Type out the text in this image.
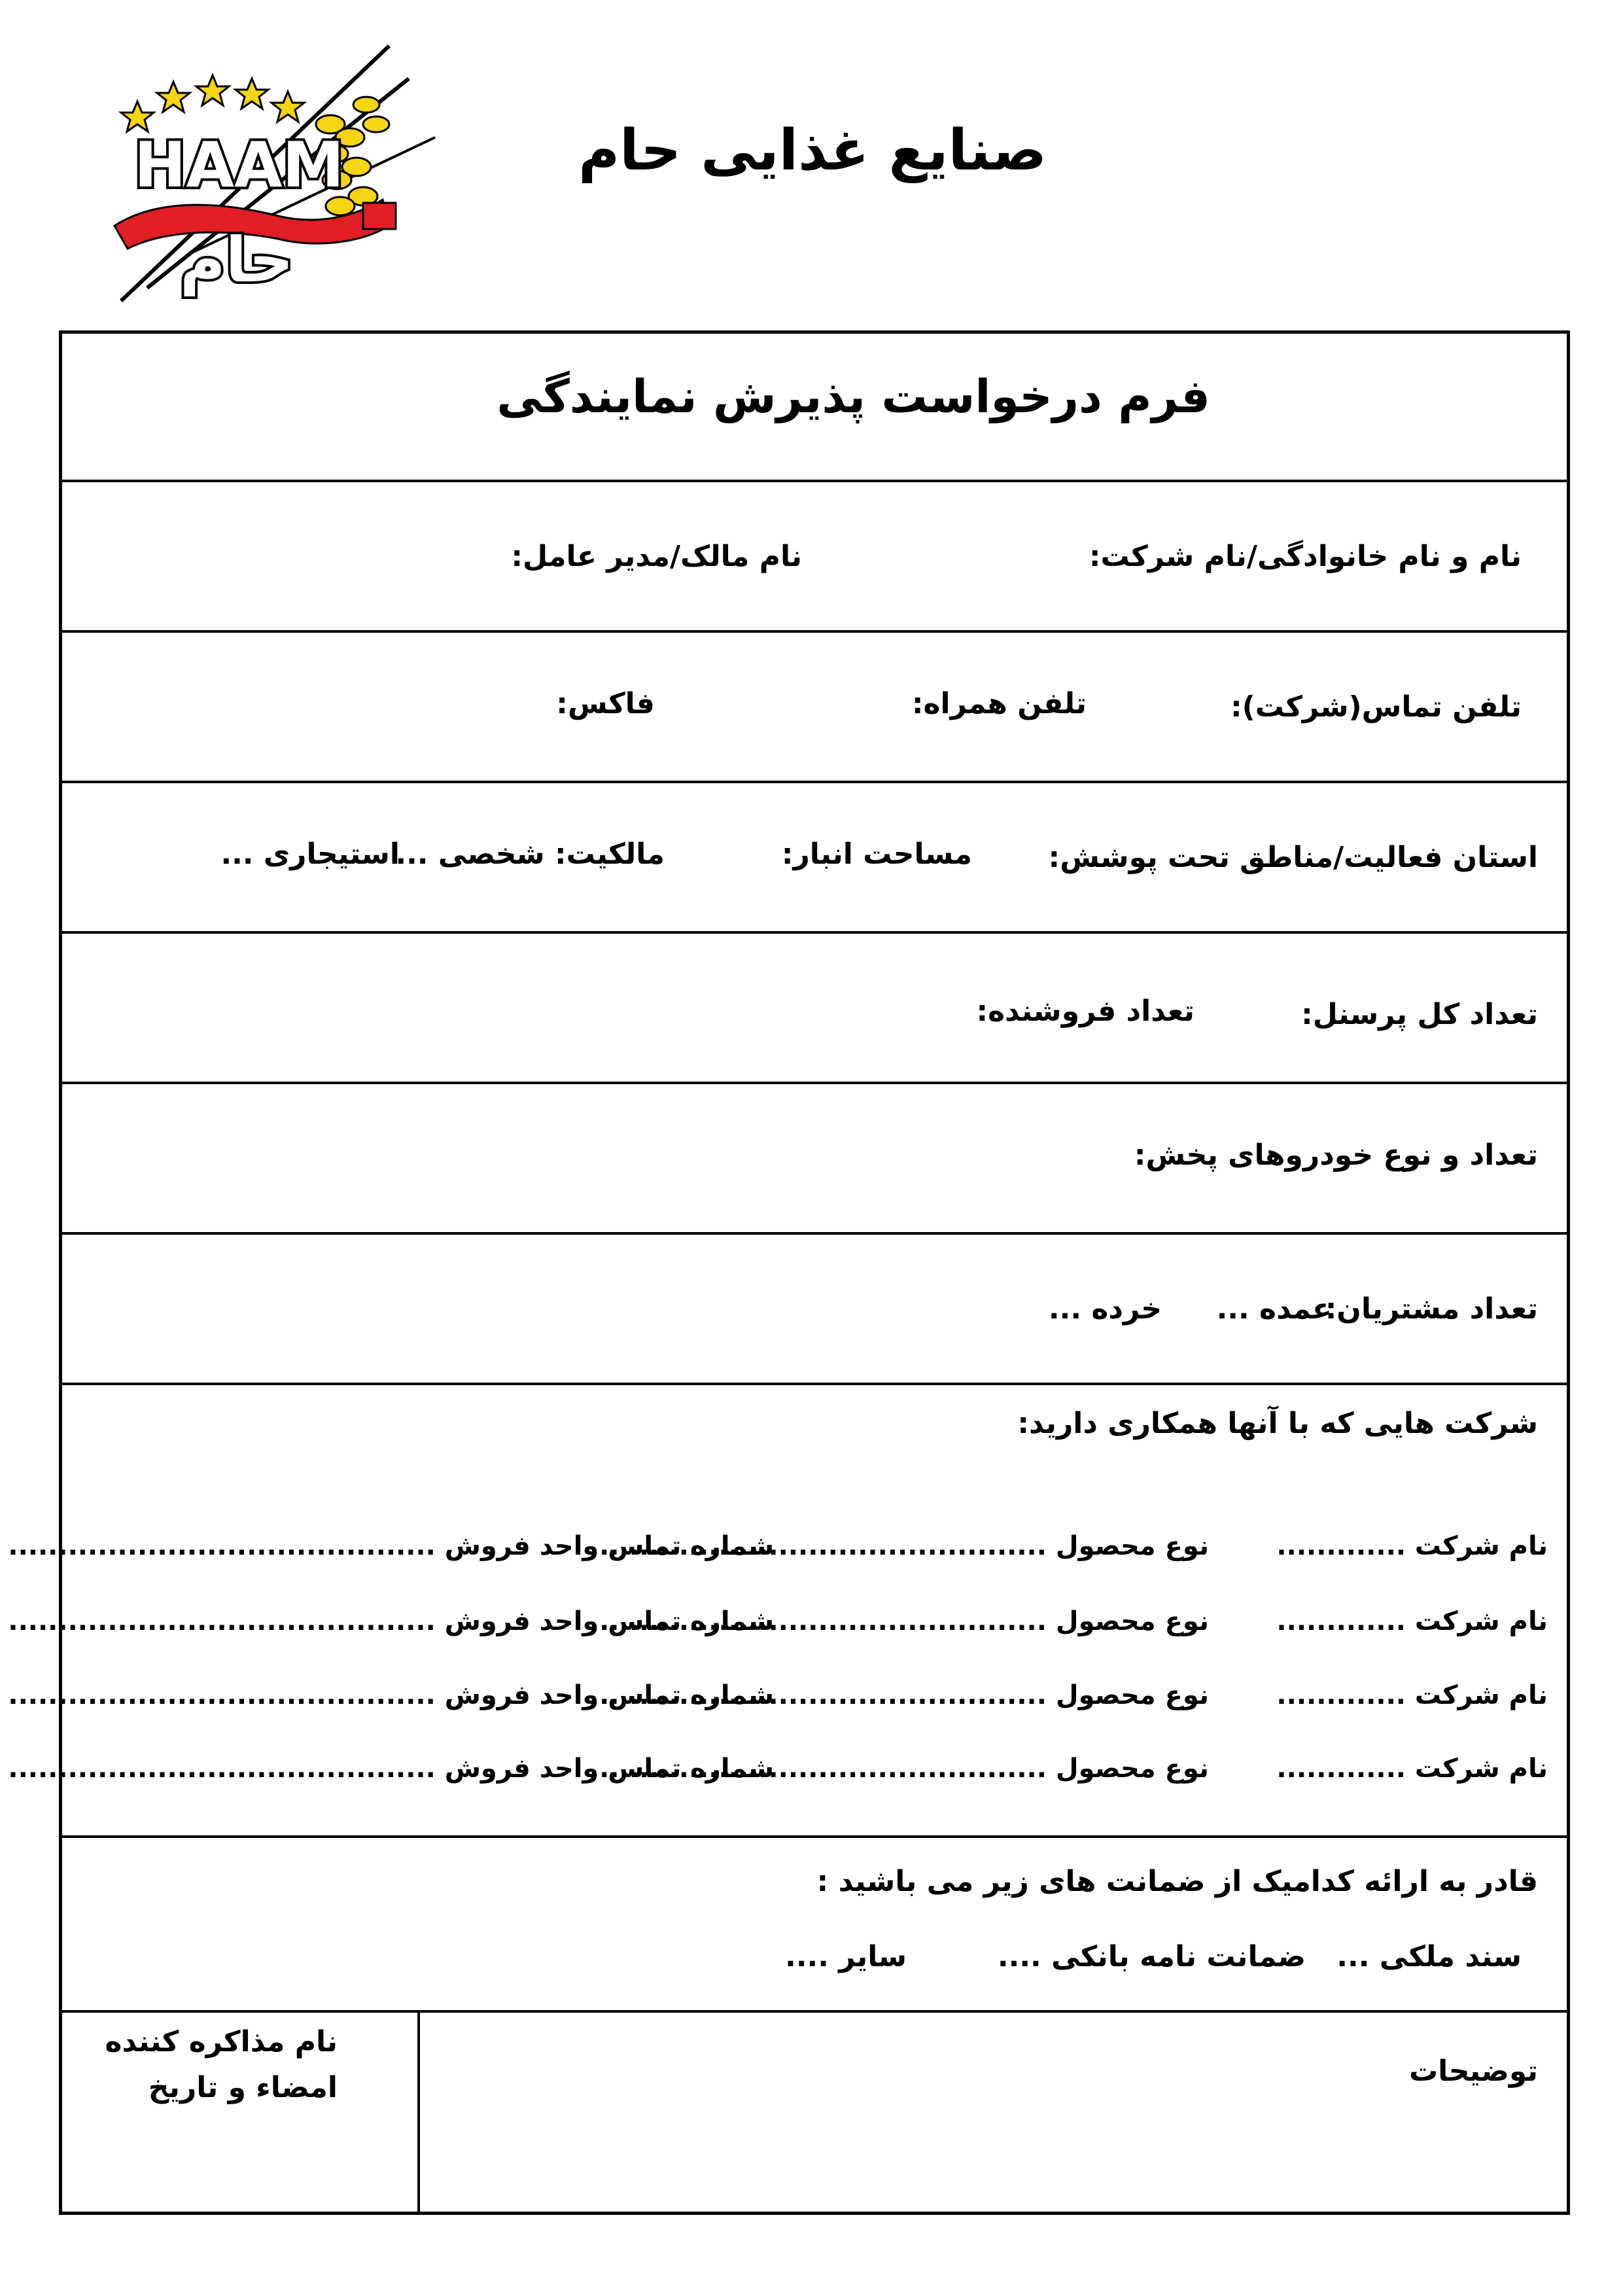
HAAM
حام
صنایع غذایی حام
فرم درخواست پذیرش نمایندگی
نام و نام خانوادگی/نام شرکت:
نام مالک/مدیر عامل:
تلفن تماس(شرکت):
تلفن همراه:
فاکس:
استان فعالیت/مناطق تحت پوشش:
مساحت انبار:
مالکیت: شخصی ...
استیجاری ...
تعداد کل پرسنل:
تعداد فروشنده:
تعداد و نوع خودروهای پخش:
تعداد مشتریان:
عمده ...
خرده ...
شرکت هایی که با آنها همکاری دارید:
نام شرکت .............
نوع محصول .............................................
شماره تماس واحد فروش ...........................................
نام شرکت .............
نوع محصول .............................................
شماره تماس واحد فروش ...........................................
نام شرکت .............
نوع محصول .............................................
شماره تماس واحد فروش ...........................................
نام شرکت .............
نوع محصول .............................................
شماره تماس واحد فروش ...........................................
قادر به ارائه کدامیک از ضمانت های زیر می باشید :
سند ملکی ...
ضمانت نامه بانکی ....
سایر ....
توضیحات
نام مذاکره کننده
امضاء و تاریخ
